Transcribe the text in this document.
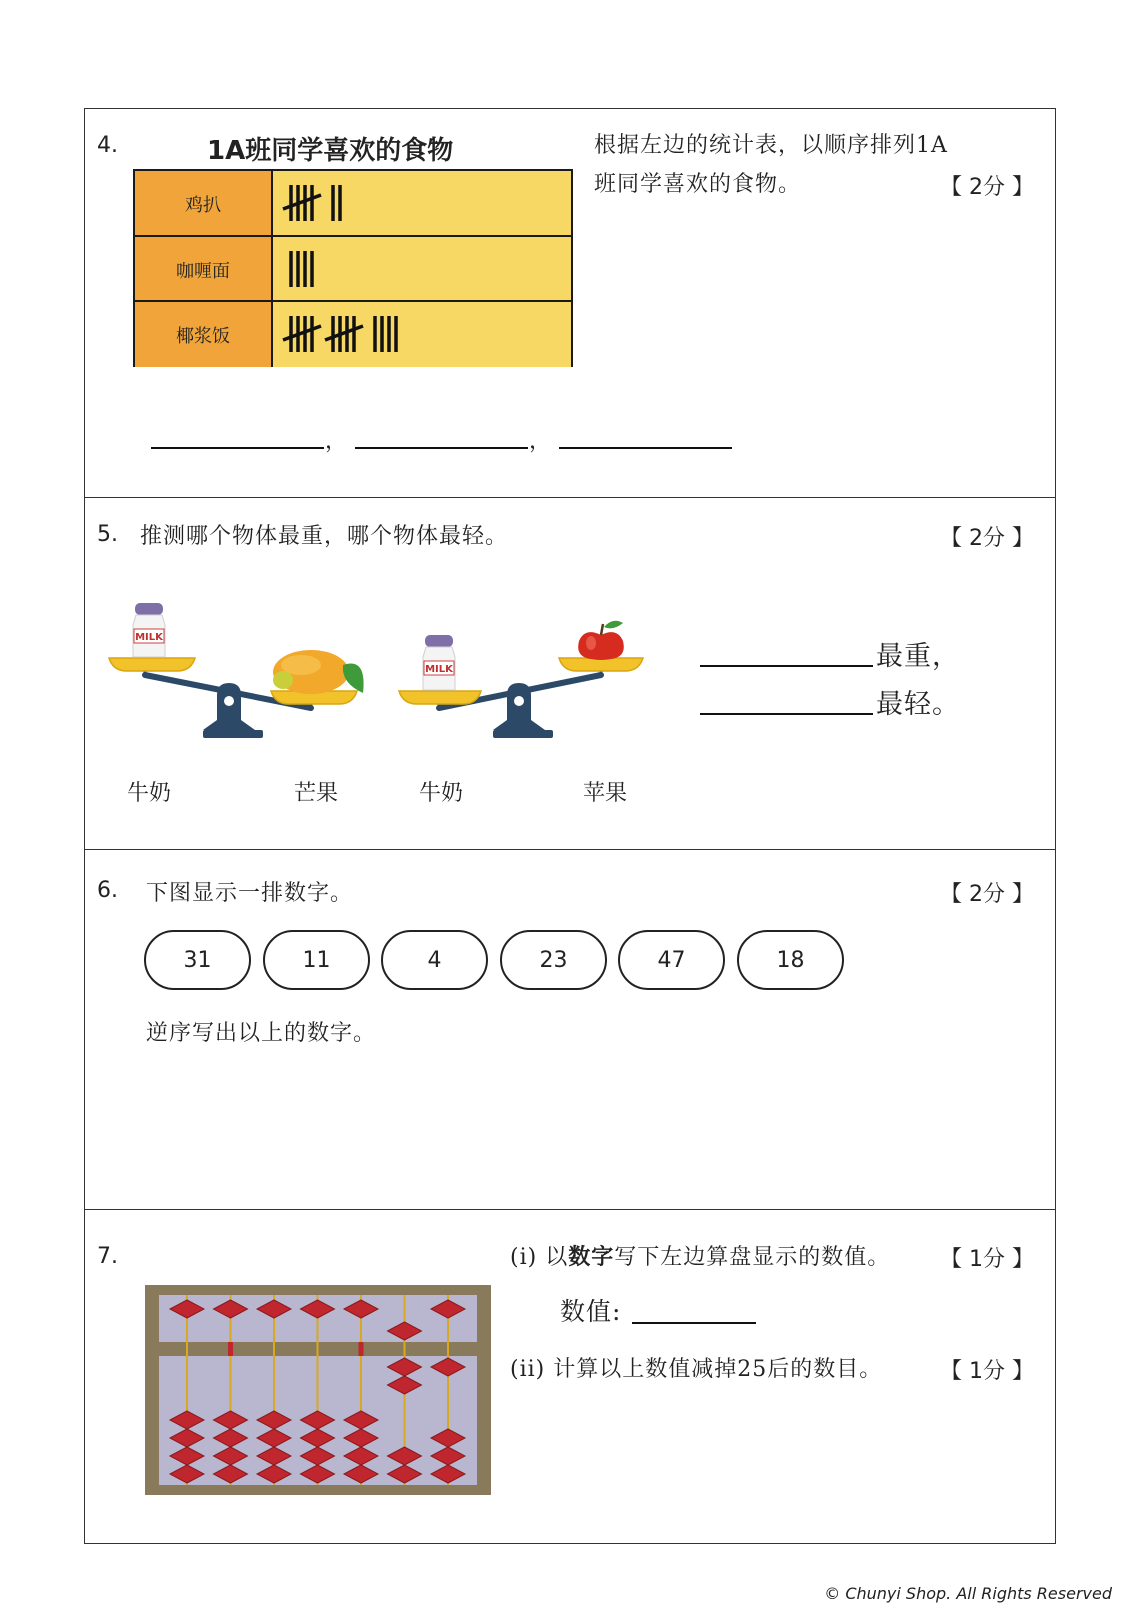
4.	1A班同学喜欢的食物
鸡扒
咖喱面
椰浆饭
根据左边的统计表，以顺序排列1A
班同学喜欢的食物。	【 2分 】
，	，
5. 推测哪个物体最重，哪个物体最轻。	【 2分 】
MILK
MILK
牛奶	芒果	牛奶	苹果
最重，
最轻。
6. 下图显示一排数字。	【 2分 】
31	11	4	23	47	18
逆序写出以上的数字。
7.	(i) 以数字写下左边算盘显示的数值。 【 1分 】
数值:
(ii) 计算以上数值减掉25后的数目。	【 1分 】
© Chunyi Shop. All Rights Reserved
